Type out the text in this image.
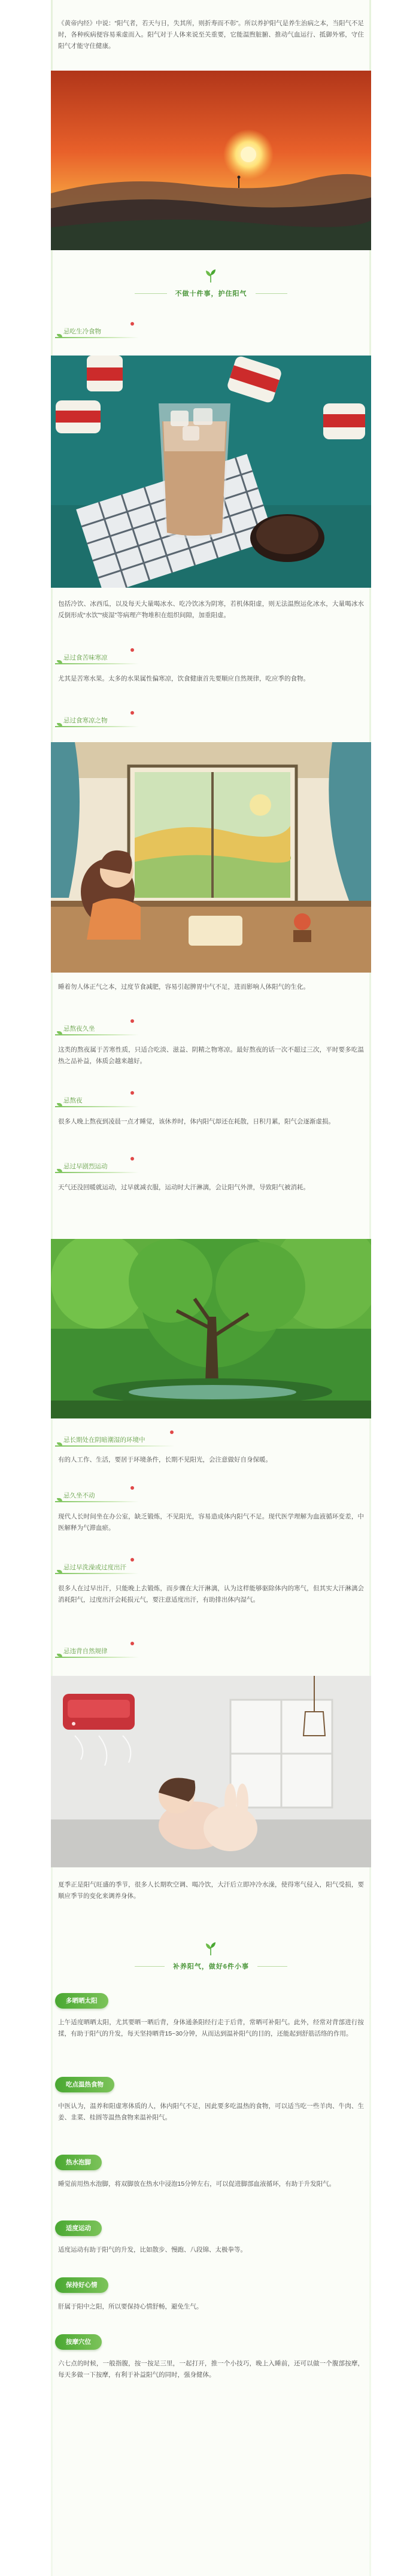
《黄帝内经》中说：“阳气者，若天与日，失其所，则折寿而不彰”。所以养护阳气是养生治病之本，当阳气不足时，各种疾病便容易乘虚而入。阳气对于人体来说至关重要，它能温煦脏腑、推动气血运行、抵御外邪，守住阳气才能守住健康。
不做十件事，护住阳气
忌吃生冷食物
包括冷饮、冰西瓜，以及每天大量喝冰水、吃冷饮冰为阴寒，若机体阳虚，则无法温煦运化冰水，大量喝冰水反倒形成“水饮”“痰湿”等病理产物堆积在组织间隙，加重阳虚。
忌过食苦味寒凉
尤其是苦寒水果。太多的水果属性偏寒凉，饮食健康首先要顺应自然规律，吃应季的食物。
忌过食寒凉之物
睡着勿人体正气之本，过度节食减肥，容易引起脾胃中气不足，进而影响人体阳气的生化。
忌熬夜久坐
这类的熬夜属于苦寒性质，只适合吃淡、滋益、阴精之物寒凉。最好熬夜的话一次不超过三次，平时要多吃温热之品补益，体质会越来越好。
忌熬夜
很多人晚上熬夜到凌晨一点才睡觉，该休养时，体内阳气却还在耗散，日积月累，阳气会逐渐虚损。
忌过早剧烈运动
天气还没回暖就运动，过早就减衣服，运动时大汗淋漓，会让阳气外泄，导致阳气被消耗。
忌长期处在阴暗潮湿的环境中
有的人工作、生活，要居于环境条件，长期不见阳光，会注意做好自身保暖。
忌久坐不动
现代人长时间坐在办公室，缺乏锻炼，不见阳光，容易造成体内阳气不足。现代医学理解为血液循环变差，中医解释为气滞血瘀。
忌过早洗澡或过度出汗
很多人在过早出汗，只能晚上去锻炼，而步骤在大汗淋漓，认为这样能够驱除体内的寒气，但其实大汗淋漓会消耗阳气，过度出汗会耗损元气，要注意适度出汗，有助排出体内湿气。
忌违背自然规律
夏季正是阳气旺盛的季节，很多人长期吹空调、喝冷饮，大汗后立即冲冷水澡，使得寒气侵入，阳气受损，要顺应季节的变化来调养身体。
补养阳气，做好6件小事
多晒晒太阳
上午适度晒晒太阳，尤其要晒一晒后背，身体通条阳经行走于后背，常晒可补阳气。此外，经常对背部进行按揉，有助于阳气的升发，每天坚持晒背15~30分钟，从而达到温补阳气的目的，还能起到舒筋活络的作用。
吃点温热食物
中医认为，温养和阳虚寒体质的人，体内阳气不足，因此要多吃温热的食物，可以适当吃一些羊肉、牛肉、生姜、韭菜、桂圆等温热食物来温补阳气。
热水泡脚
睡觉前用热水泡脚，将双脚放在热水中浸泡15分钟左右，可以促进脚部血液循环，有助于升发阳气。
适度运动
适度运动有助于阳气的升发，比如散步、慢跑、八段锦、太极拳等。
保持好心情
肝属于阳中之阳，所以要保持心情舒畅，避免生气。
按摩穴位
六七点的时候，一般指腹，按一按足三里，一起打开，推一个小技巧，晚上入睡前，还可以做一个腹部按摩，每天多做一下按摩，有利于补益阳气的同时，强身健体。
